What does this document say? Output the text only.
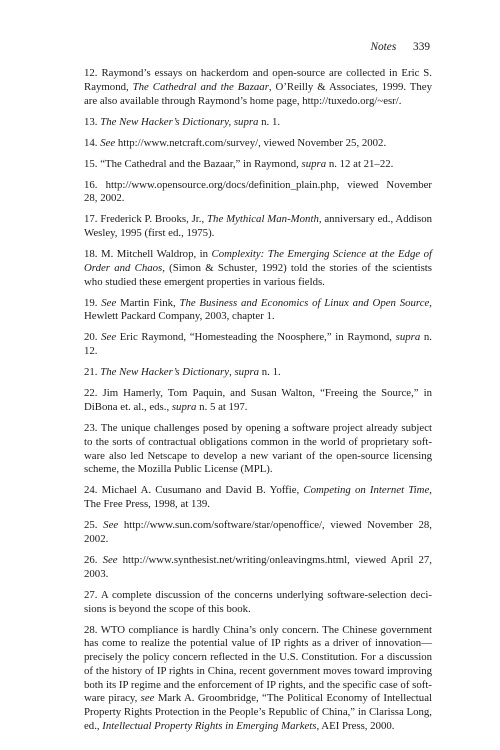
Notes 339

12. Raymond’s essays on hackerdom and open-source are collected in Eric S. Raymond, The Cathedral and the Bazaar, O’Reilly & Associates, 1999. They are also available through Raymond’s home page, http://tuxedo.org/~esr/.

13. The New Hacker’s Dictionary, supra n. 1.

14. See http://www.netcraft.com/survey/, viewed November 25, 2002.

15. “The Cathedral and the Bazaar,” in Raymond, supra n. 12 at 21–22.

16. http://www.opensource.org/docs/definition_plain.php, viewed November 28, 2002.

17. Frederick P. Brooks, Jr., The Mythical Man-Month, anniversary ed., Addison Wesley, 1995 (first ed., 1975).

18. M. Mitchell Waldrop, in Complexity: The Emerging Science at the Edge of Order and Chaos, (Simon & Schuster, 1992) told the stories of the scientists who studied these emergent properties in various fields.

19. See Martin Fink, The Business and Economics of Linux and Open Source, Hewlett Packard Company, 2003, chapter 1.

20. See Eric Raymond, “Homesteading the Noosphere,” in Raymond, supra n. 12.

21. The New Hacker’s Dictionary, supra n. 1.

22. Jim Hamerly, Tom Paquin, and Susan Walton, “Freeing the Source,” in DiBona et. al., eds., supra n. 5 at 197.

23. The unique challenges posed by opening a software project already subject to the sorts of contractual obligations common in the world of proprietary software also led Netscape to develop a new variant of the open-source licensing scheme, the Mozilla Public License (MPL).

24. Michael A. Cusumano and David B. Yoffie, Competing on Internet Time, The Free Press, 1998, at 139.

25. See http://www.sun.com/software/star/openoffice/, viewed November 28, 2002.

26. See http://www.synthesist.net/writing/onleavingms.html, viewed April 27, 2003.

27. A complete discussion of the concerns underlying software-selection decisions is beyond the scope of this book.

28. WTO compliance is hardly China’s only concern. The Chinese government has come to realize the potential value of IP rights as a driver of innovation—precisely the policy concern reflected in the U.S. Constitution. For a discussion of the history of IP rights in China, recent government moves toward improving both its IP regime and the enforcement of IP rights, and the specific case of software piracy, see Mark A. Groombridge, “The Political Economy of Intellectual Property Rights Protection in the People’s Republic of China,” in Clarissa Long, ed., Intellectual Property Rights in Emerging Markets, AEI Press, 2000.
